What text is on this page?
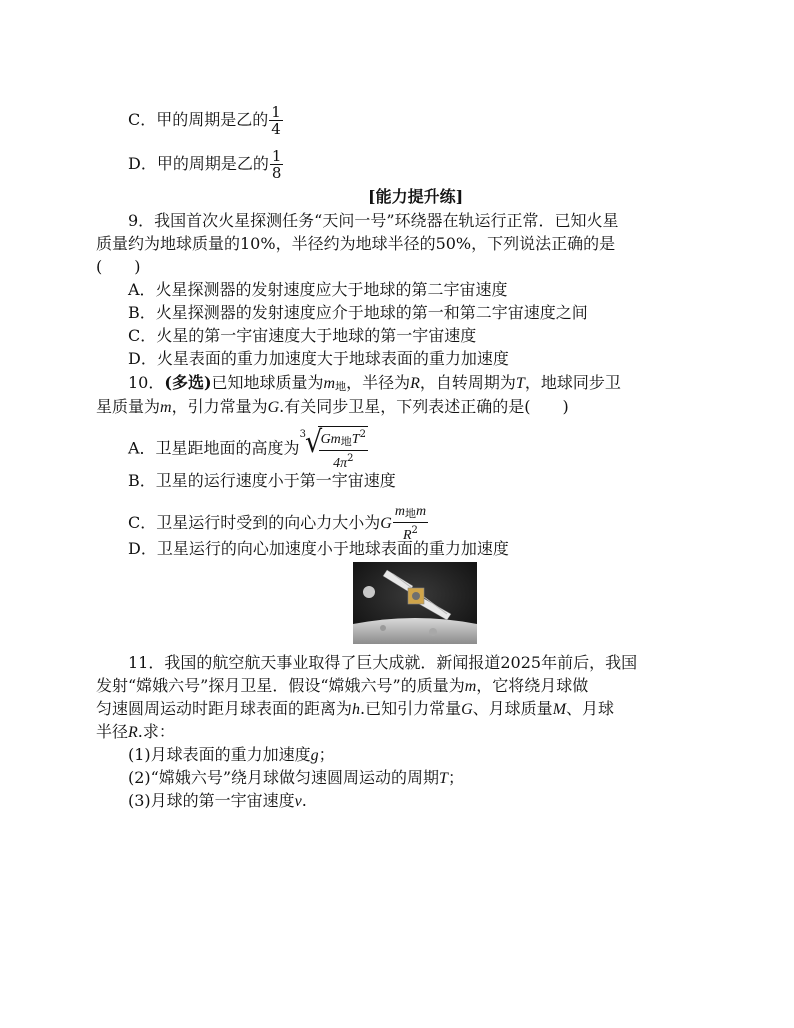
C．甲的周期是乙的 $\frac{1}{4}$
D．甲的周期是乙的 $\frac{1}{8}$
[能力提升练]
9．我国首次火星探测任务“天问一号”环绕器在轨运行正常．已知火星
质量约为地球质量的10%，半径约为地球半径的50%，下列说法正确的是
(　　)
A．火星探测器的发射速度应大于地球的第二宇宙速度
B．火星探测器的发射速度应介于地球的第一和第二宇宙速度之间
C．火星的第一宇宙速度大于地球的第一宇宙速度
D．火星表面的重力加速度大于地球表面的重力加速度
10．(多选)已知地球质量为m地，半径为R，自转周期为T，地球同步卫
星质量为m，引力常量为G.有关同步卫星，下列表述正确的是(　　)
A．卫星距地面的高度为
3
√
$\frac{Gm地T^2}{4\pi^2}$
B．卫星的运行速度小于第一宇宙速度
C．卫星运行时受到的向心力大小为G $\frac{\text{m地m}}{R^2}$
D．卫星运行的向心加速度小于地球表面的重力加速度
11．我国的航空航天事业取得了巨大成就．新闻报道2025年前后，我国
发射“嫦娥六号”探月卫星．假设“嫦娥六号”的质量为m，它将绕月球做
匀速圆周运动时距月球表面的距离为h.已知引力常量G、月球质量M、月球
半径R.求：
(1)月球表面的重力加速度g；
(2)“嫦娥六号”绕月球做匀速圆周运动的周期T；
(3)月球的第一宇宙速度v.
